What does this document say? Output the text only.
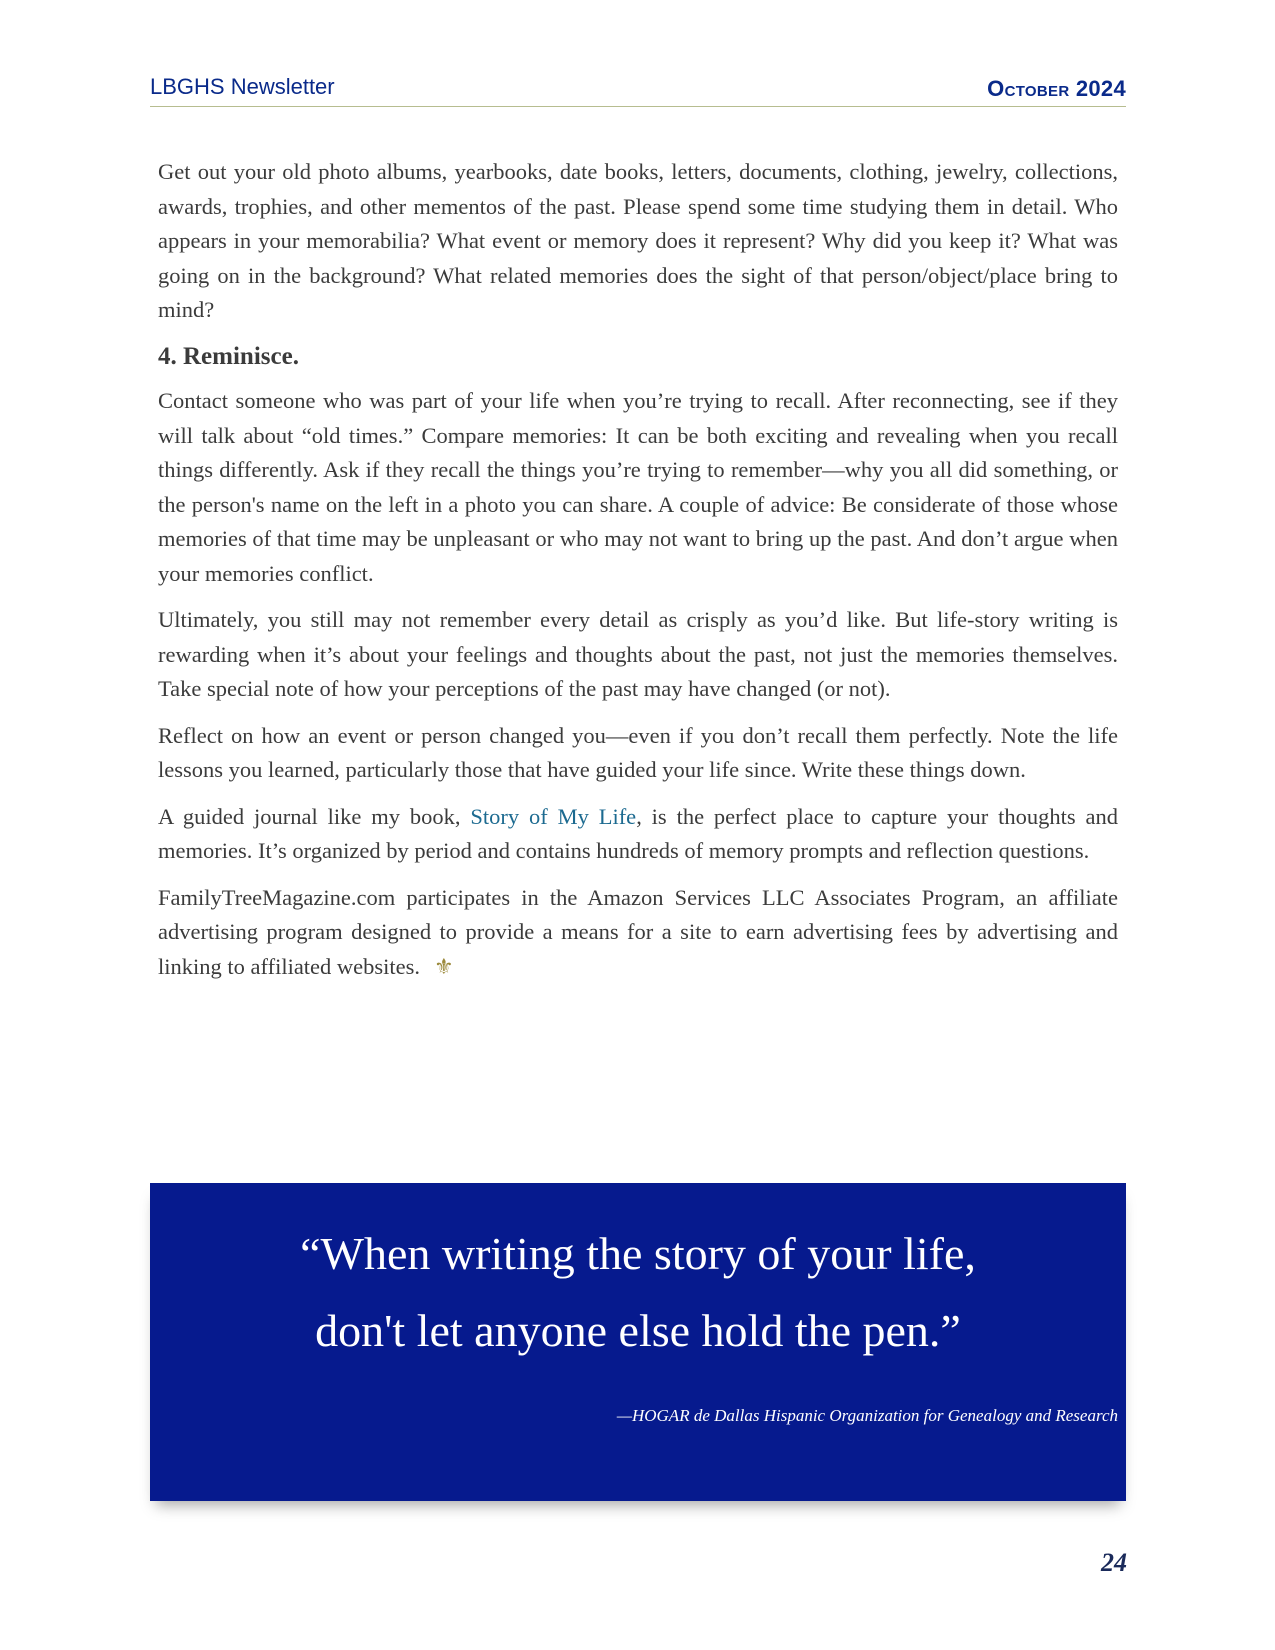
LBGHS Newsletter	October 2024

Get out your old photo albums, yearbooks, date books, letters, documents, clothing, jewelry, collections, awards, trophies, and other mementos of the past. Please spend some time studying them in detail. Who appears in your memorabilia? What event or memory does it represent? Why did you keep it? What was going on in the background? What related memories does the sight of that person/object/place bring to mind?

4. Reminisce.

Contact someone who was part of your life when you’re trying to recall. After reconnecting, see if they will talk about “old times.” Compare memories: It can be both exciting and revealing when you recall things differently. Ask if they recall the things you’re trying to remember—why you all did something, or the person's name on the left in a photo you can share. A couple of advice: Be considerate of those whose memories of that time may be unpleasant or who may not want to bring up the past. And don’t argue when your memories conflict.

Ultimately, you still may not remember every detail as crisply as you’d like. But life-story writing is rewarding when it’s about your feelings and thoughts about the past, not just the memories themselves. Take special note of how your perceptions of the past may have changed (or not).

Reflect on how an event or person changed you—even if you don’t recall them perfectly. Note the life lessons you learned, particularly those that have guided your life since. Write these things down.

A guided journal like my book, Story of My Life, is the perfect place to capture your thoughts and memories. It’s organized by period and contains hundreds of memory prompts and reflection questions.

FamilyTreeMagazine.com participates in the Amazon Services LLC Associates Program, an affiliate advertising program designed to provide a means for a site to earn advertising fees by advertising and linking to affiliated websites. ⚜

“When writing the story of your life,
don't let anyone else hold the pen.”
—HOGAR de Dallas Hispanic Organization for Genealogy and Research
24
